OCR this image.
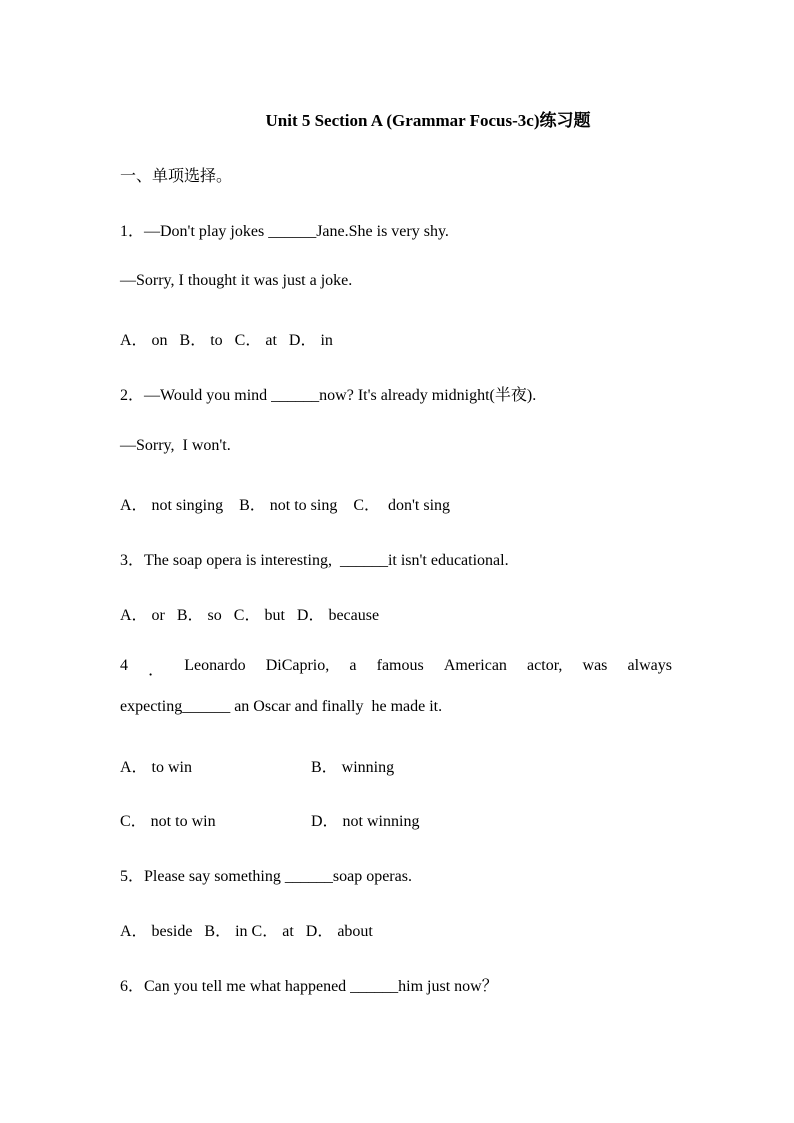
Unit 5 Section A (Grammar Focus-3c)练习题
一、单项选择。
1．—Don't play jokes ______Jane.She is very shy.
—Sorry, I thought it was just a joke.
A． on   B． to   C． at   D． in
2．—Would you mind ______now? It's already midnight(半夜).
—Sorry,  I won't.
A． not singing    B． not to sing    C．  don't sing
3．The soap opera is interesting,  ______it isn't educational.
A． or   B． so   C． but   D． because
4 ． Leonardo DiCaprio, a famous American actor, was always
expecting______ an Oscar and finally  he made it.
A． to win	B． winning
C． not to win	D． not winning
5．Please say something ______soap operas.
A． beside   B． in C． at   D． about
6．Can you tell me what happened ______him just now？
